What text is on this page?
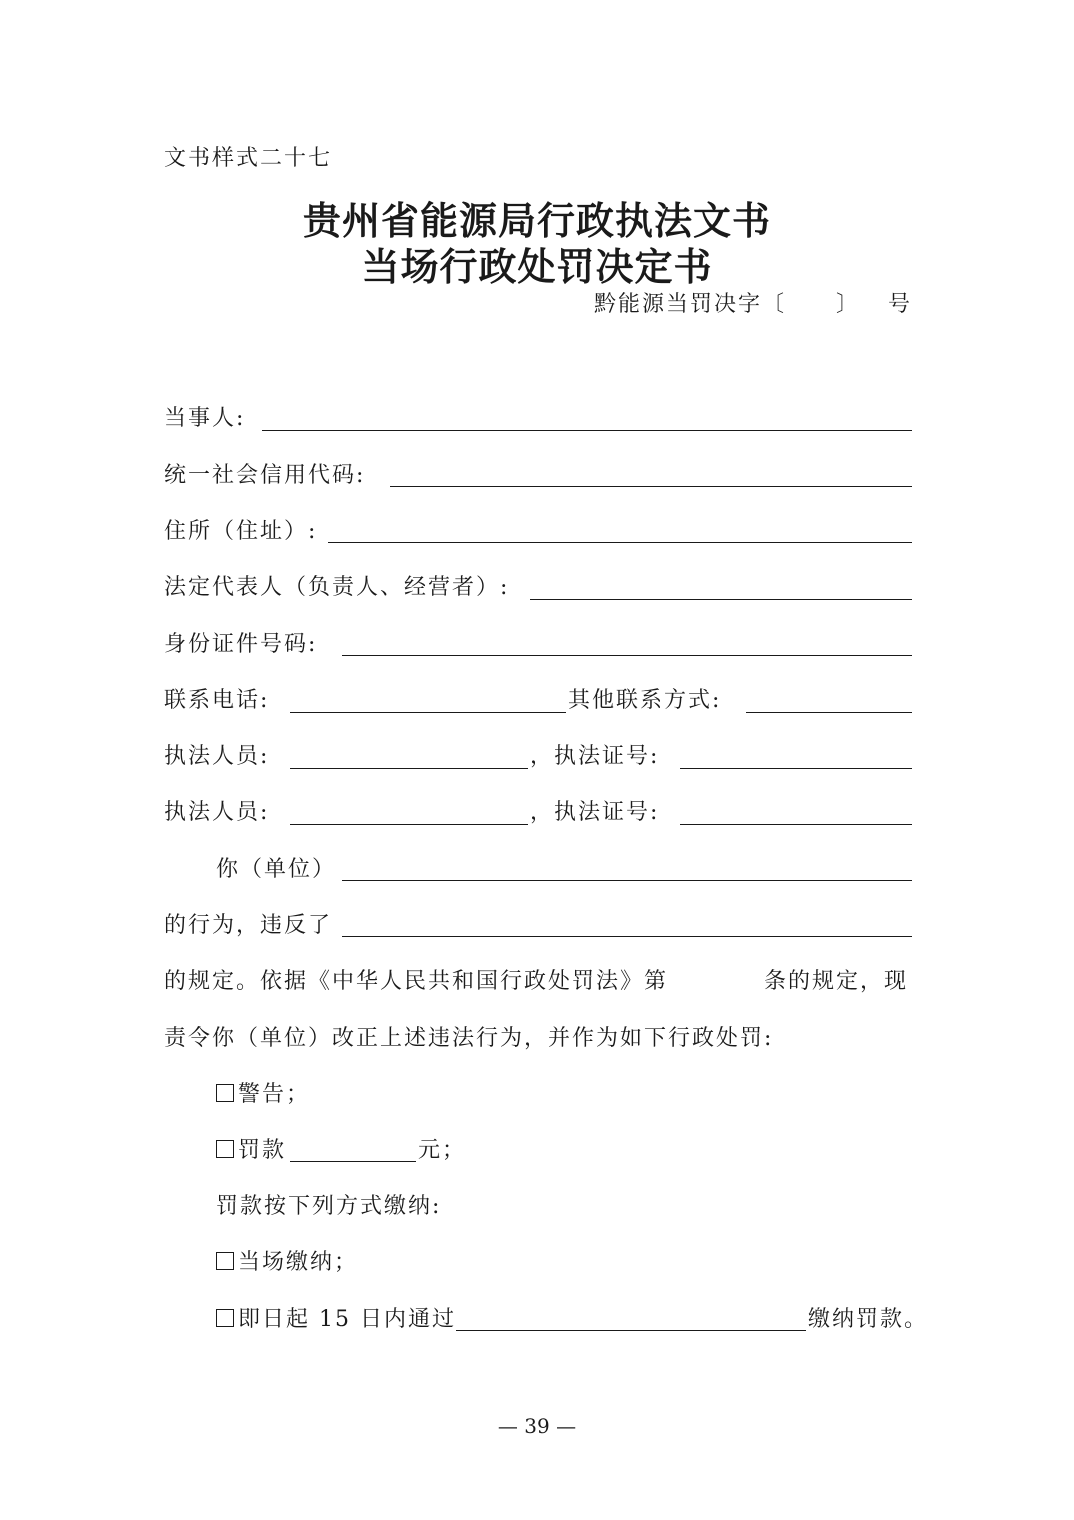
文书样式二十七
贵州省能源局行政执法文书
当场行政处罚决定书
黔能源当罚决字〔 〕 号
当事人:
统一社会信用代码:
住所（住址）:
法定代表人（负责人、经营者）:
身份证件号码:
联系电话:	其他联系方式:
执法人员:	，执法证号:
执法人员:	，执法证号:
你（单位）
的行为，违反了
的规定。依据《中华人民共和国行政处罚法》第	条的规定，现
责令你（单位）改正上述违法行为，并作为如下行政处罚:
警告；
罚款	元；
罚款按下列方式缴纳:
当场缴纳；
即日起 15 日内通过	缴纳罚款。
— 39 —
